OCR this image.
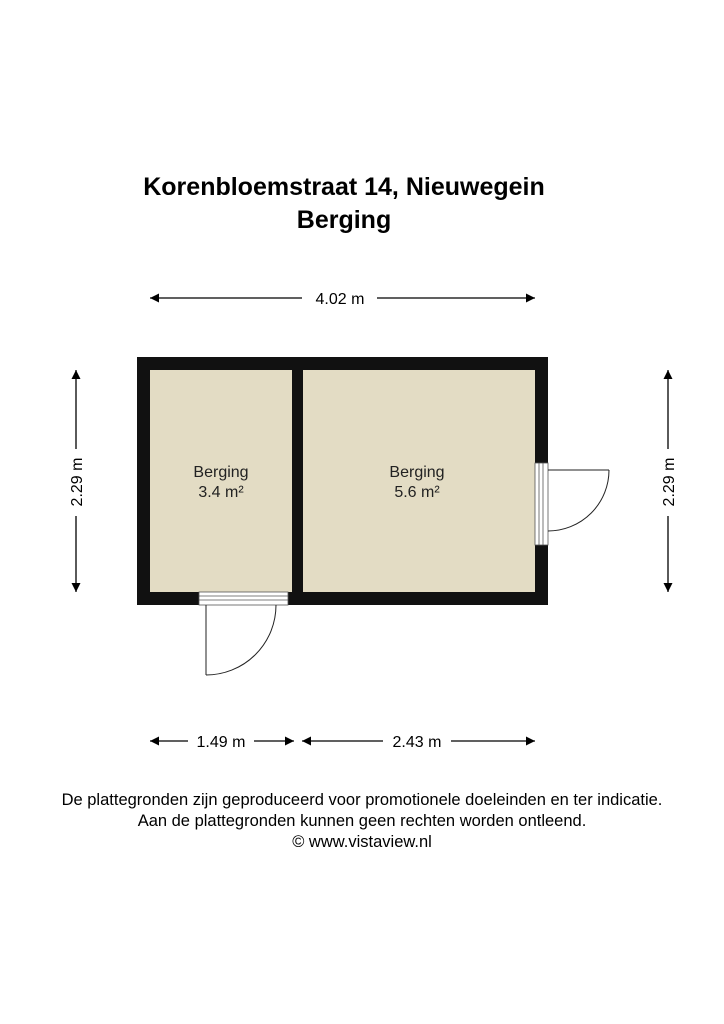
Korenbloemstraat 14, Nieuwegein
Berging
Berging
3.4 m²
Berging
5.6 m²
4.02 m
2.29 m	2.29 m
1.49 m	2.43 m
De plattegronden zijn geproduceerd voor promotionele doeleinden en ter indicatie.
Aan de plattegronden kunnen geen rechten worden ontleend.
© www.vistaview.nl
